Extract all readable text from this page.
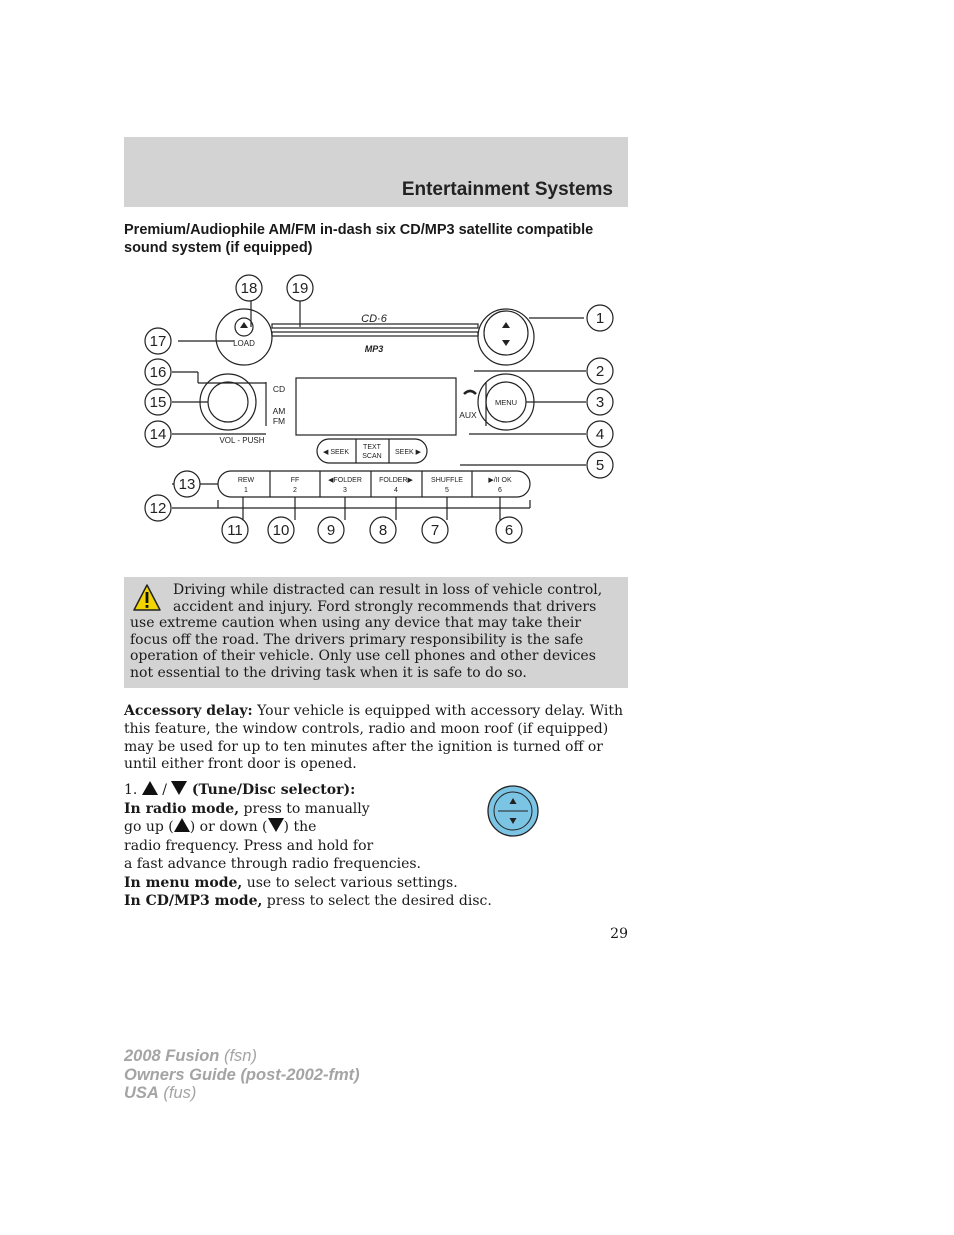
Entertainment Systems
Premium/Audiophile AM/FM in-dash six CD/MP3 satellite compatible sound system (if equipped)
CD·6
MP3
LOAD
CD
AM
FM
VOL - PUSH
MENU
AUX
◀ SEEK
TEXT
SCAN
SEEK ▶
REW
1
FF
2
◀FOLDER
3
FOLDER▶
4
SHUFFLE
5
▶/II OK
6
1
2
3
4
5
6
7
8
9
10
11
12
13
14
15
16
17
18 19

Driving while distracted can result in loss of vehicle control,
accident and injury. Ford strongly recommends that drivers use extreme caution when using any device that may take their focus off the road. The drivers primary responsibility is the safe operation of their vehicle. Only use cell phones and other devices not essential to the driving task when it is safe to do so.

Accessory delay: Your vehicle is equipped with accessory delay. With this feature, the window controls, radio and moon roof (if equipped) may be used for up to ten minutes after the ignition is turned off or until either front door is opened.

1. / (Tune/Disc selector):

In radio mode, press to manually

go up ( ) or down ( ) the

radio frequency. Press and hold for

a fast advance through radio frequencies.

In menu mode, use to select various settings.

In CD/MP3 mode, press to select the desired disc.

29

2008 Fusion (fsn)
Owners Guide (post-2002-fmt)
USA (fus)
